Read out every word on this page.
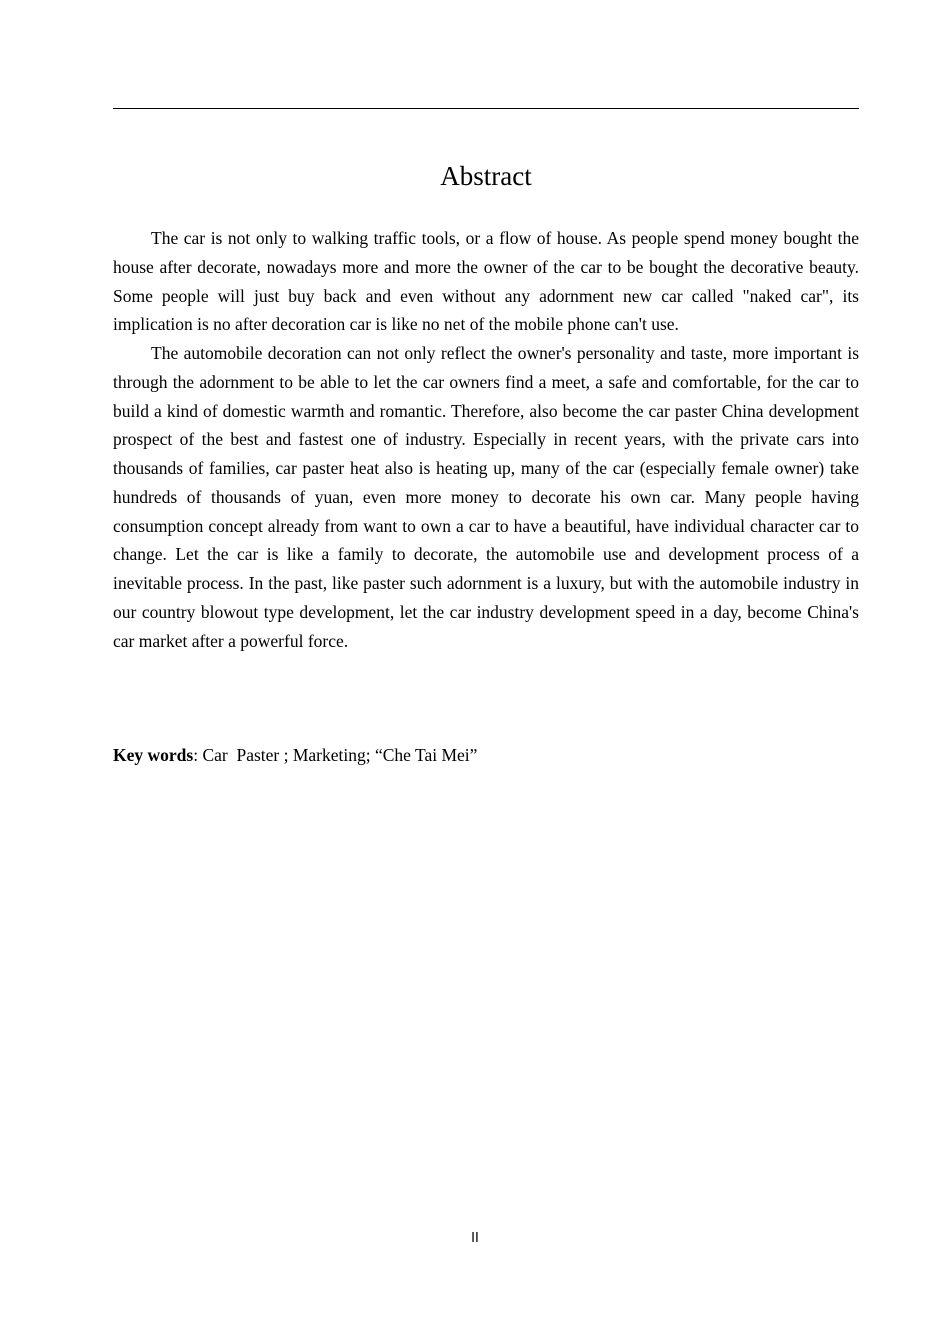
Abstract

The car is not only to walking traffic tools, or a flow of house. As people spend money bought the house after decorate, nowadays more and more the owner of the car to be bought the decorative beauty. Some people will just buy back and even without any adornment new car called "naked car", its implication is no after decoration car is like no net of the mobile phone can't use.

The automobile decoration can not only reflect the owner's personality and taste, more important is through the adornment to be able to let the car owners find a meet, a safe and comfortable, for the car to build a kind of domestic warmth and romantic. Therefore, also become the car paster China development prospect of the best and fastest one of industry. Especially in recent years, with the private cars into thousands of families, car paster heat also is heating up, many of the car (especially female owner) take hundreds of thousands of yuan, even more money to decorate his own car. Many people having consumption concept already from want to own a car to have a beautiful, have individual character car to change. Let the car is like a family to decorate, the automobile use and development process of a inevitable process. In the past, like paster such adornment is a luxury, but with the automobile industry in our country blowout type development, let the car industry development speed in a day, become China's car market after a powerful force.

Key words: Car  Paster ; Marketing; “Che Tai Mei”
II
